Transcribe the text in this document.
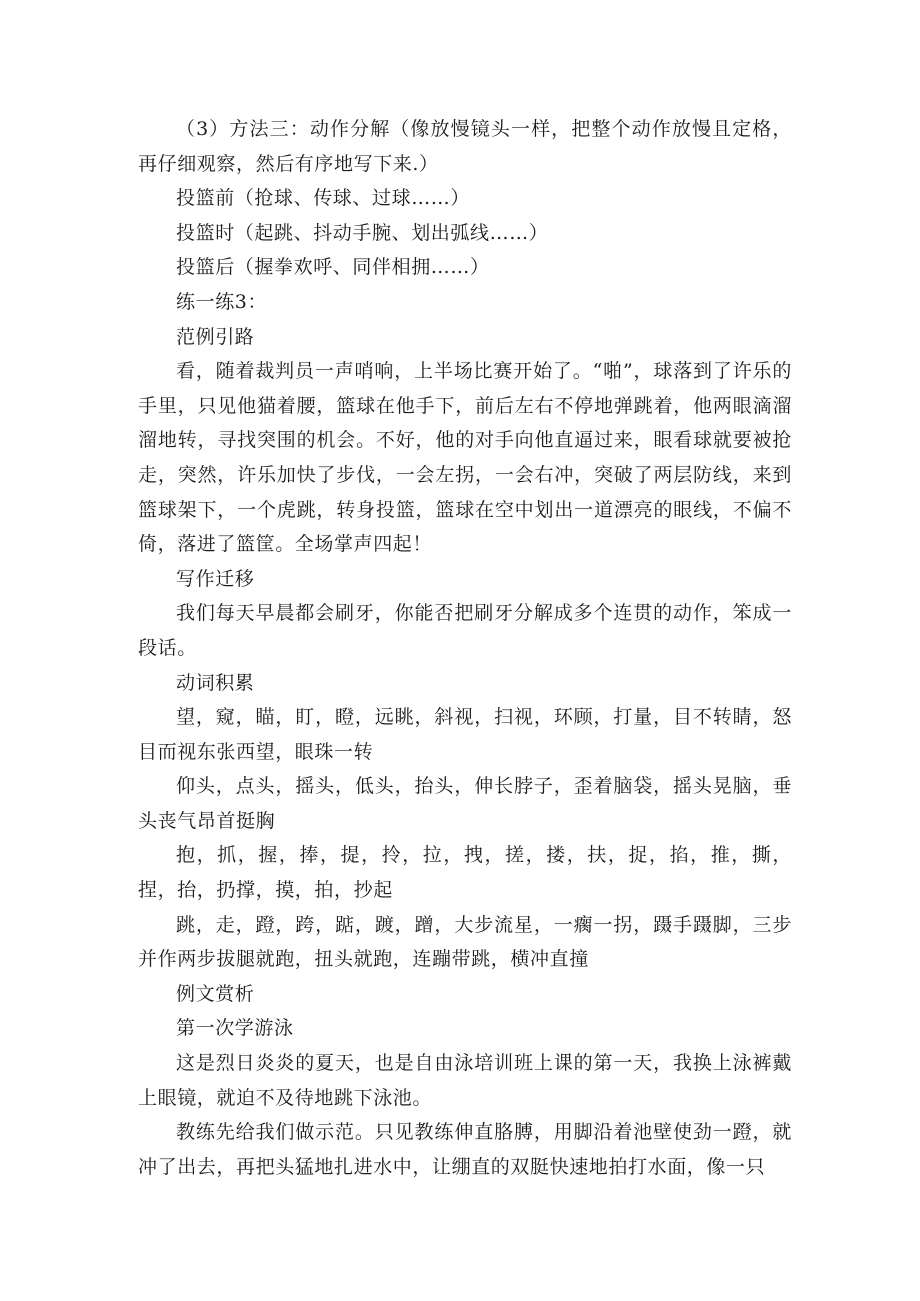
（3）方法三：动作分解（像放慢镜头一样，把整个动作放慢且定格，再仔细观察，然后有序地写下来.）

投篮前（抢球、传球、过球……）

投篮时（起跳、抖动手腕、划出弧线……）

投篮后（握拳欢呼、同伴相拥……）

练一练3：

范例引路

看，随着裁判员一声哨响，上半场比赛开始了。“啪”，球落到了许乐的手里，只见他猫着腰，篮球在他手下，前后左右不停地弹跳着，他两眼滴溜溜地转，寻找突围的机会。不好，他的对手向他直逼过来，眼看球就要被抢走，突然，许乐加快了步伐，一会左拐，一会右冲，突破了两层防线，来到篮球架下，一个虎跳，转身投篮，篮球在空中划出一道漂亮的眼线，不偏不倚，落进了篮筐。全场掌声四起！

写作迁移

我们每天早晨都会刷牙，你能否把刷牙分解成多个连贯的动作，笨成一段话。

动词积累

望，窥，瞄，盯，瞪，远眺，斜视，扫视，环顾，打量，目不转睛，怒目而视东张西望，眼珠一转

仰头，点头，摇头，低头，抬头，伸长脖子，歪着脑袋，摇头晃脑，垂头丧气昂首挺胸

抱，抓，握，捧，提，拎，拉，拽，搓，搂，扶，捉，掐，推，撕，捏，抬，扔撑，摸，拍，抄起

跳，走，蹬，跨，踮，踱，蹭，大步流星，一瘸一拐，蹑手蹑脚，三步并作两步拔腿就跑，扭头就跑，连蹦带跳，横冲直撞

例文赏析

第一次学游泳

这是烈日炎炎的夏天，也是自由泳培训班上课的第一天，我换上泳裤戴上眼镜，就迫不及待地跳下泳池。

教练先给我们做示范。只见教练伸直胳膊，用脚沿着池壁使劲一蹬，就冲了出去，再把头猛地扎进水中，让绷直的双脡快速地拍打水面，像一只
